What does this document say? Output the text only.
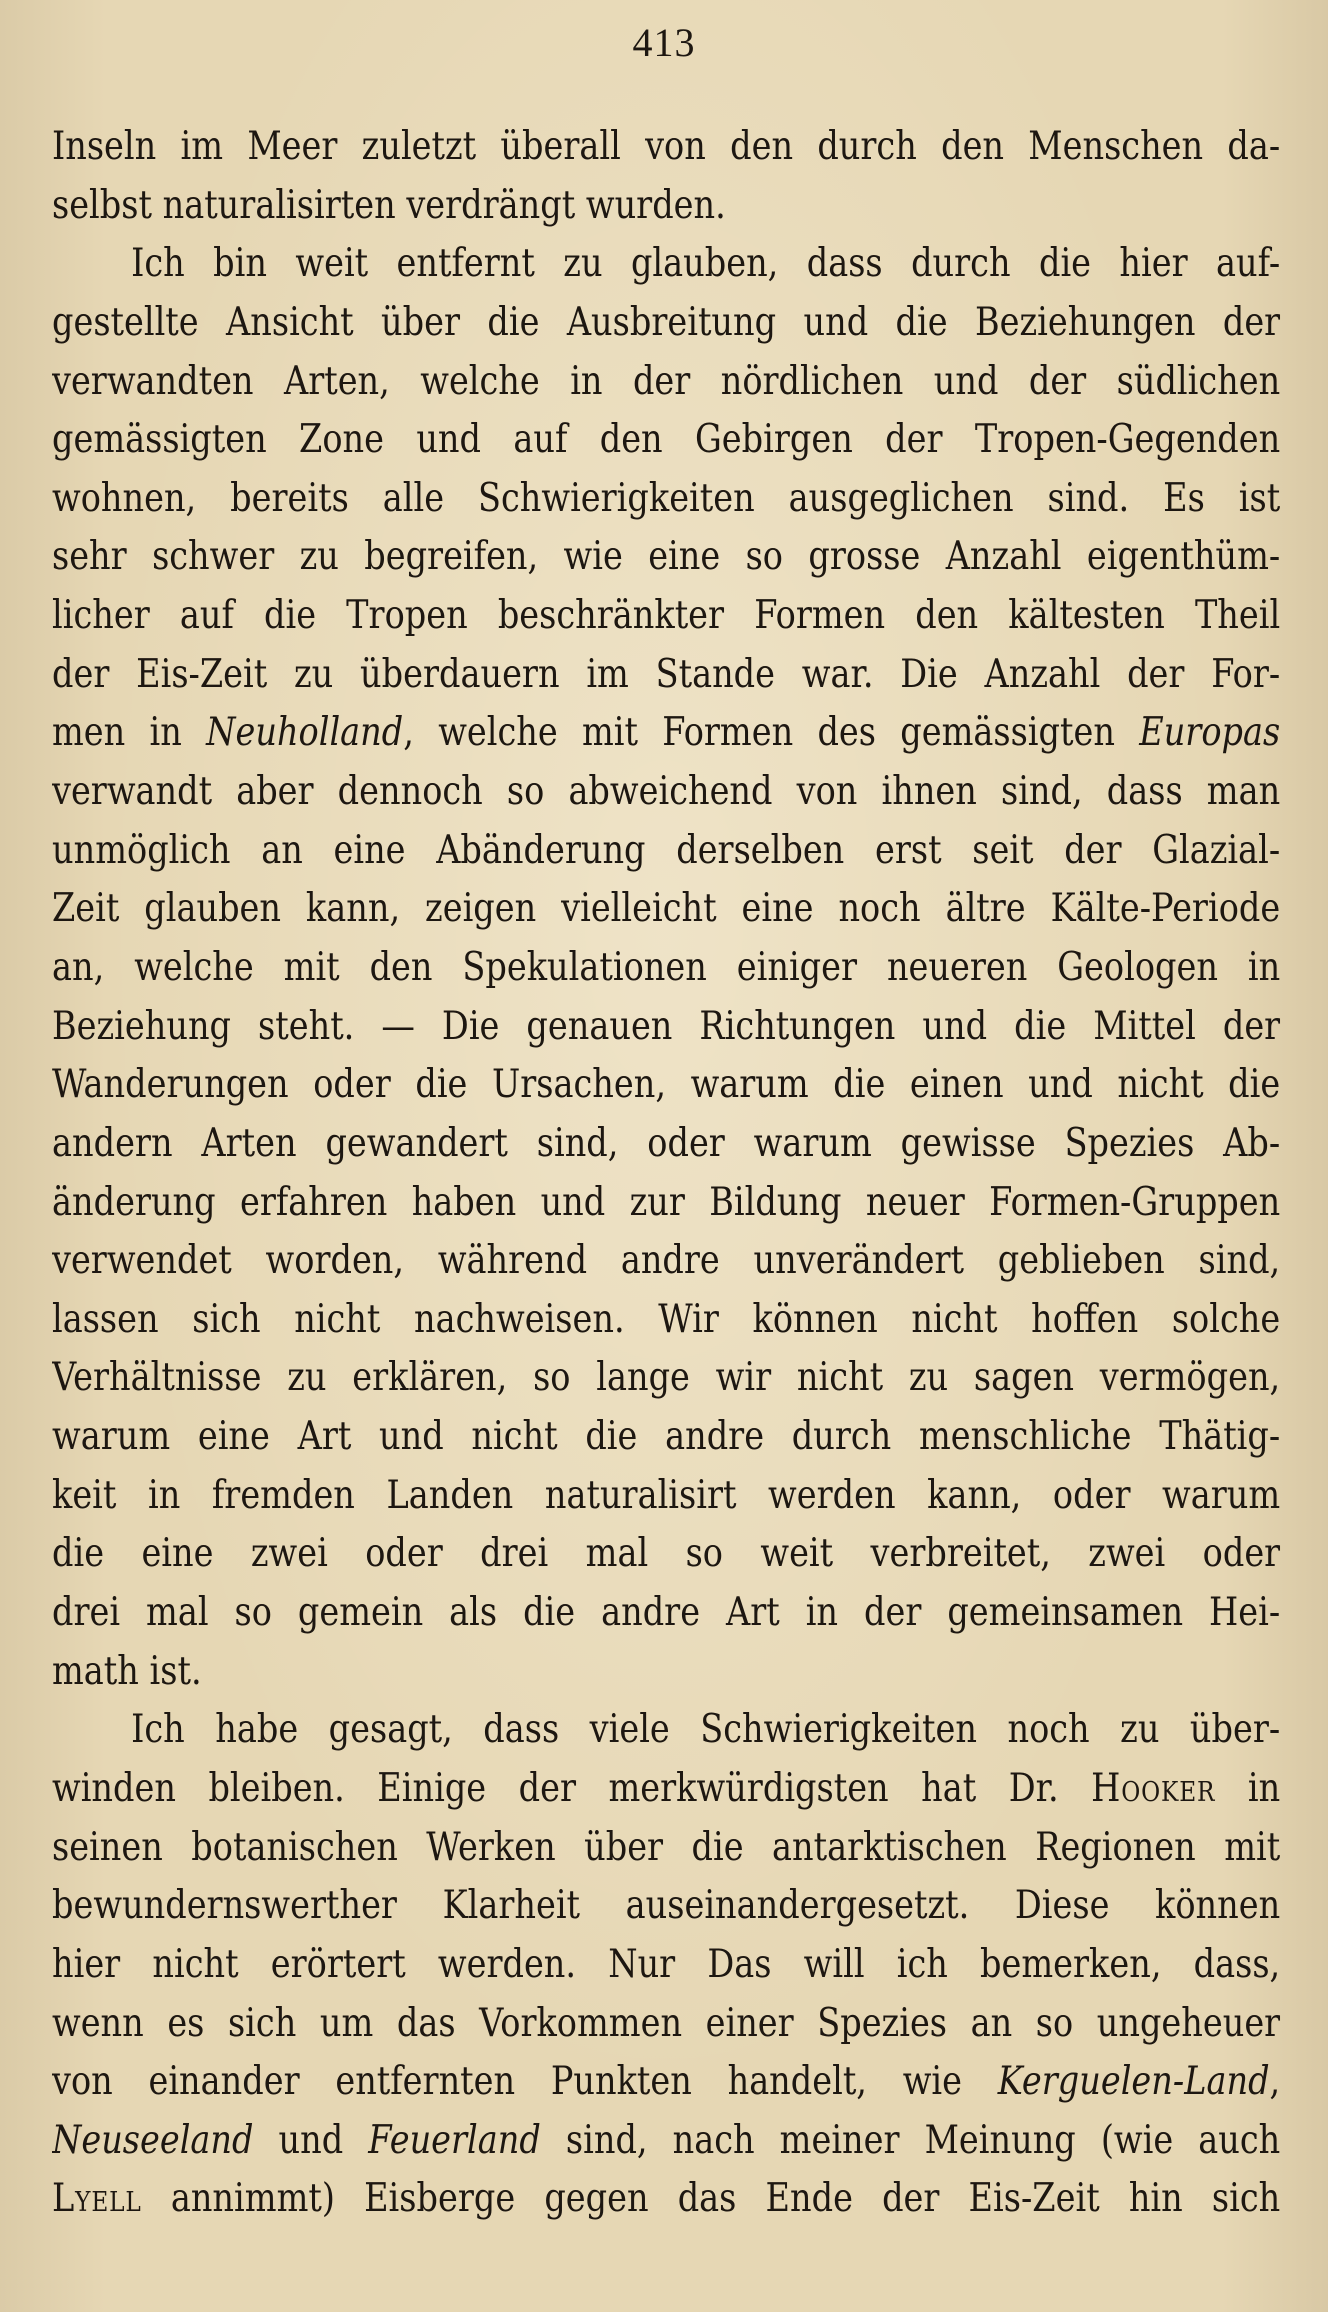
413
Inseln im Meer zuletzt überall von den durch den Menschen da-
selbst naturalisirten verdrängt wurden.
Ich bin weit entfernt zu glauben, dass durch die hier auf-
gestellte Ansicht über die Ausbreitung und die Beziehungen der
verwandten Arten, welche in der nördlichen und der südlichen
gemässigten Zone und auf den Gebirgen der Tropen-Gegenden
wohnen, bereits alle Schwierigkeiten ausgeglichen sind. Es ist
sehr schwer zu begreifen, wie eine so grosse Anzahl eigenthüm-
licher auf die Tropen beschränkter Formen den kältesten Theil
der Eis-Zeit zu überdauern im Stande war. Die Anzahl der For-
men in Neuholland, welche mit Formen des gemässigten Europas
verwandt aber dennoch so abweichend von ihnen sind, dass man
unmöglich an eine Abänderung derselben erst seit der Glazial-
Zeit glauben kann, zeigen vielleicht eine noch ältre Kälte-Periode
an, welche mit den Spekulationen einiger neueren Geologen in
Beziehung steht. — Die genauen Richtungen und die Mittel der
Wanderungen oder die Ursachen, warum die einen und nicht die
andern Arten gewandert sind, oder warum gewisse Spezies Ab-
änderung erfahren haben und zur Bildung neuer Formen-Gruppen
verwendet worden, während andre unverändert geblieben sind,
lassen sich nicht nachweisen. Wir können nicht hoffen solche
Verhältnisse zu erklären, so lange wir nicht zu sagen vermögen,
warum eine Art und nicht die andre durch menschliche Thätig-
keit in fremden Landen naturalisirt werden kann, oder warum
die eine zwei oder drei mal so weit verbreitet, zwei oder
drei mal so gemein als die andre Art in der gemeinsamen Hei-
math ist.
Ich habe gesagt, dass viele Schwierigkeiten noch zu über-
winden bleiben. Einige der merkwürdigsten hat Dr. Hooker in
seinen botanischen Werken über die antarktischen Regionen mit
bewundernswerther Klarheit auseinandergesetzt. Diese können
hier nicht erörtert werden. Nur Das will ich bemerken, dass,
wenn es sich um das Vorkommen einer Spezies an so ungeheuer
von einander entfernten Punkten handelt, wie Kerguelen-Land,
Neuseeland und Feuerland sind, nach meiner Meinung (wie auch
Lyell annimmt) Eisberge gegen das Ende der Eis-Zeit hin sich
